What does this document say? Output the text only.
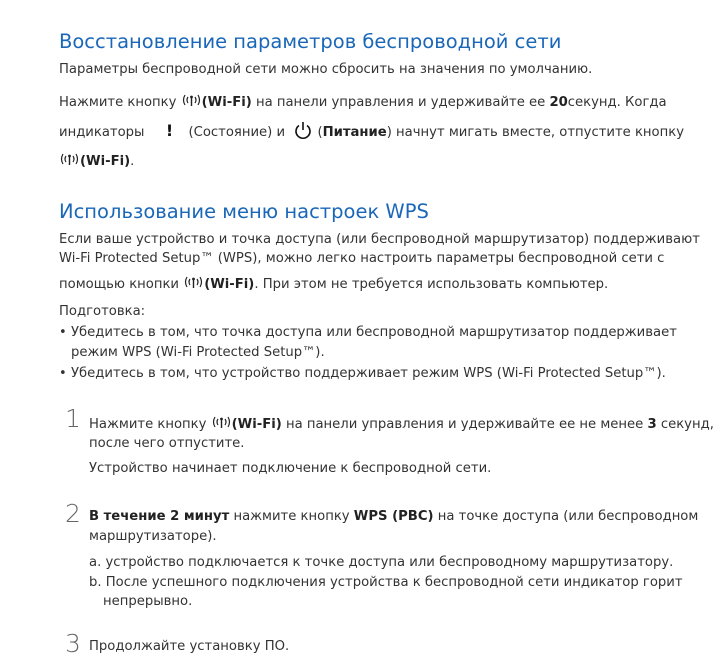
Восстановление параметров беспроводной сети
Параметры беспроводной сети можно сбросить на значения по умолчанию.
Нажмите кнопку
(Wi-Fi) на панели управления и удерживайте ее 20секунд. Когда
индикаторы ! (Состояние) и  (Питание) начнут мигать вместе, отпустите кнопку
(Wi-Fi).
Использование меню настроек WPS
Если ваше устройство и точка доступа (или беспроводной маршрутизатор) поддерживают
Wi-Fi Protected Setup™ (WPS), можно легко настроить параметры беспроводной сети с
помощью кнопки
(Wi-Fi). При этом не требуется использовать компьютер.
Подготовка:
• Убедитесь в том, что точка доступа или беспроводной маршрутизатор поддерживает
режим WPS (Wi-Fi Protected Setup™).
• Убедитесь в том, что устройство поддерживает режим WPS (Wi-Fi Protected Setup™).
1 Нажмите кнопку
(Wi-Fi) на панели управления и удерживайте ее не менее 3 секунд,
после чего отпустите.
Устройство начинает подключение к беспроводной сети.
2 В течение 2 минут нажмите кнопку WPS (PBC) на точке доступа (или беспроводном
маршрутизаторе).
a. устройство подключается к точке доступа или беспроводному маршрутизатору.
b. После успешного подключения устройства к беспроводной сети индикатор горит
непрерывно.
3 Продолжайте установку ПО.
